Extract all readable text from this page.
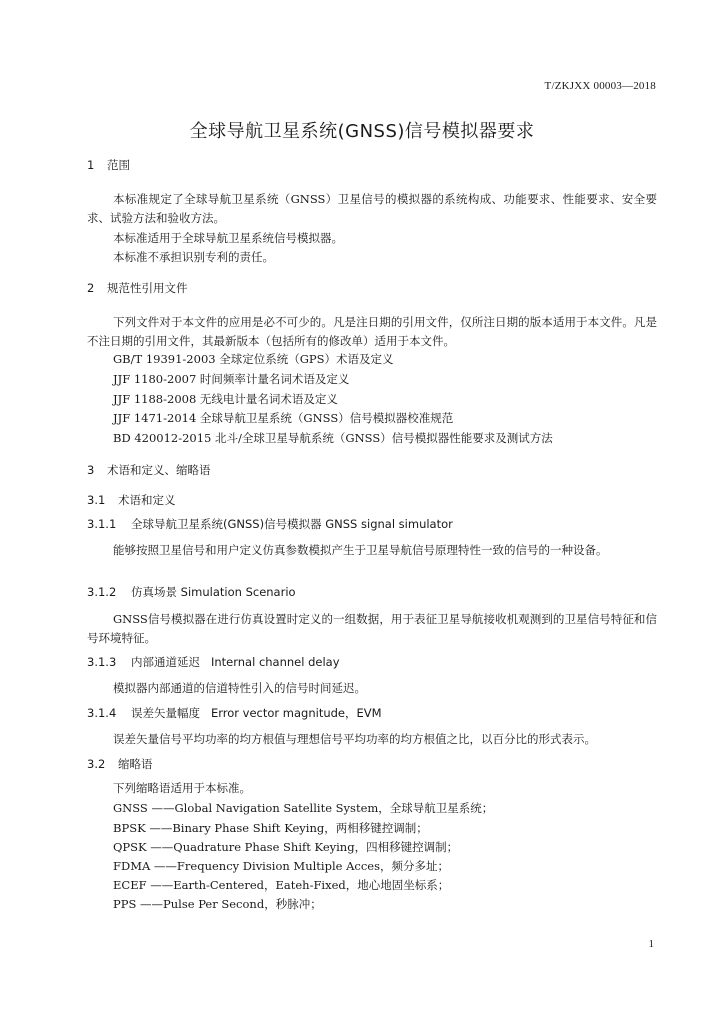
T/ZKJXX 00003—2018
全球导航卫星系统(GNSS)信号模拟器要求
1 范围
本标准规定了全球导航卫星系统（GNSS）卫星信号的模拟器的系统构成、功能要求、性能要求、安全要求、试验方法和验收方法。
本标准适用于全球导航卫星系统信号模拟器。
本标准不承担识别专利的责任。
2 规范性引用文件
下列文件对于本文件的应用是必不可少的。凡是注日期的引用文件，仅所注日期的版本适用于本文件。凡是不注日期的引用文件，其最新版本（包括所有的修改单）适用于本文件。
GB/T 19391-2003 全球定位系统（GPS）术语及定义
JJF 1180-2007 时间频率计量名词术语及定义
JJF 1188-2008 无线电计量名词术语及定义
JJF 1471-2014 全球导航卫星系统（GNSS）信号模拟器校准规范
BD 420012-2015 北斗/全球卫星导航系统（GNSS）信号模拟器性能要求及测试方法
3 术语和定义、缩略语
3.1 术语和定义
3.1.1 全球导航卫星系统(GNSS)信号模拟器 GNSS signal simulator
能够按照卫星信号和用户定义仿真参数模拟产生于卫星导航信号原理特性一致的信号的一种设备。
3.1.2 仿真场景 Simulation Scenario
GNSS信号模拟器在进行仿真设置时定义的一组数据，用于表征卫星导航接收机观测到的卫星信号特征和信号环境特征。
3.1.3 内部通道延迟   Internal channel delay
模拟器内部通道的信道特性引入的信号时间延迟。
3.1.4 误差矢量幅度   Error vector magnitude，EVM
误差矢量信号平均功率的均方根值与理想信号平均功率的均方根值之比，以百分比的形式表示。
3.2 缩略语
下列缩略语适用于本标准。
GNSS ——Global Navigation Satellite System，全球导航卫星系统；
BPSK ——Binary Phase Shift Keying，两相移键控调制；
QPSK ——Quadrature Phase Shift Keying，四相移键控调制；
FDMA ——Frequency Division Multiple Acces，频分多址；
ECEF ——Earth-Centered，Eateh-Fixed，地心地固坐标系；
PPS ——Pulse Per Second，秒脉冲；
1
